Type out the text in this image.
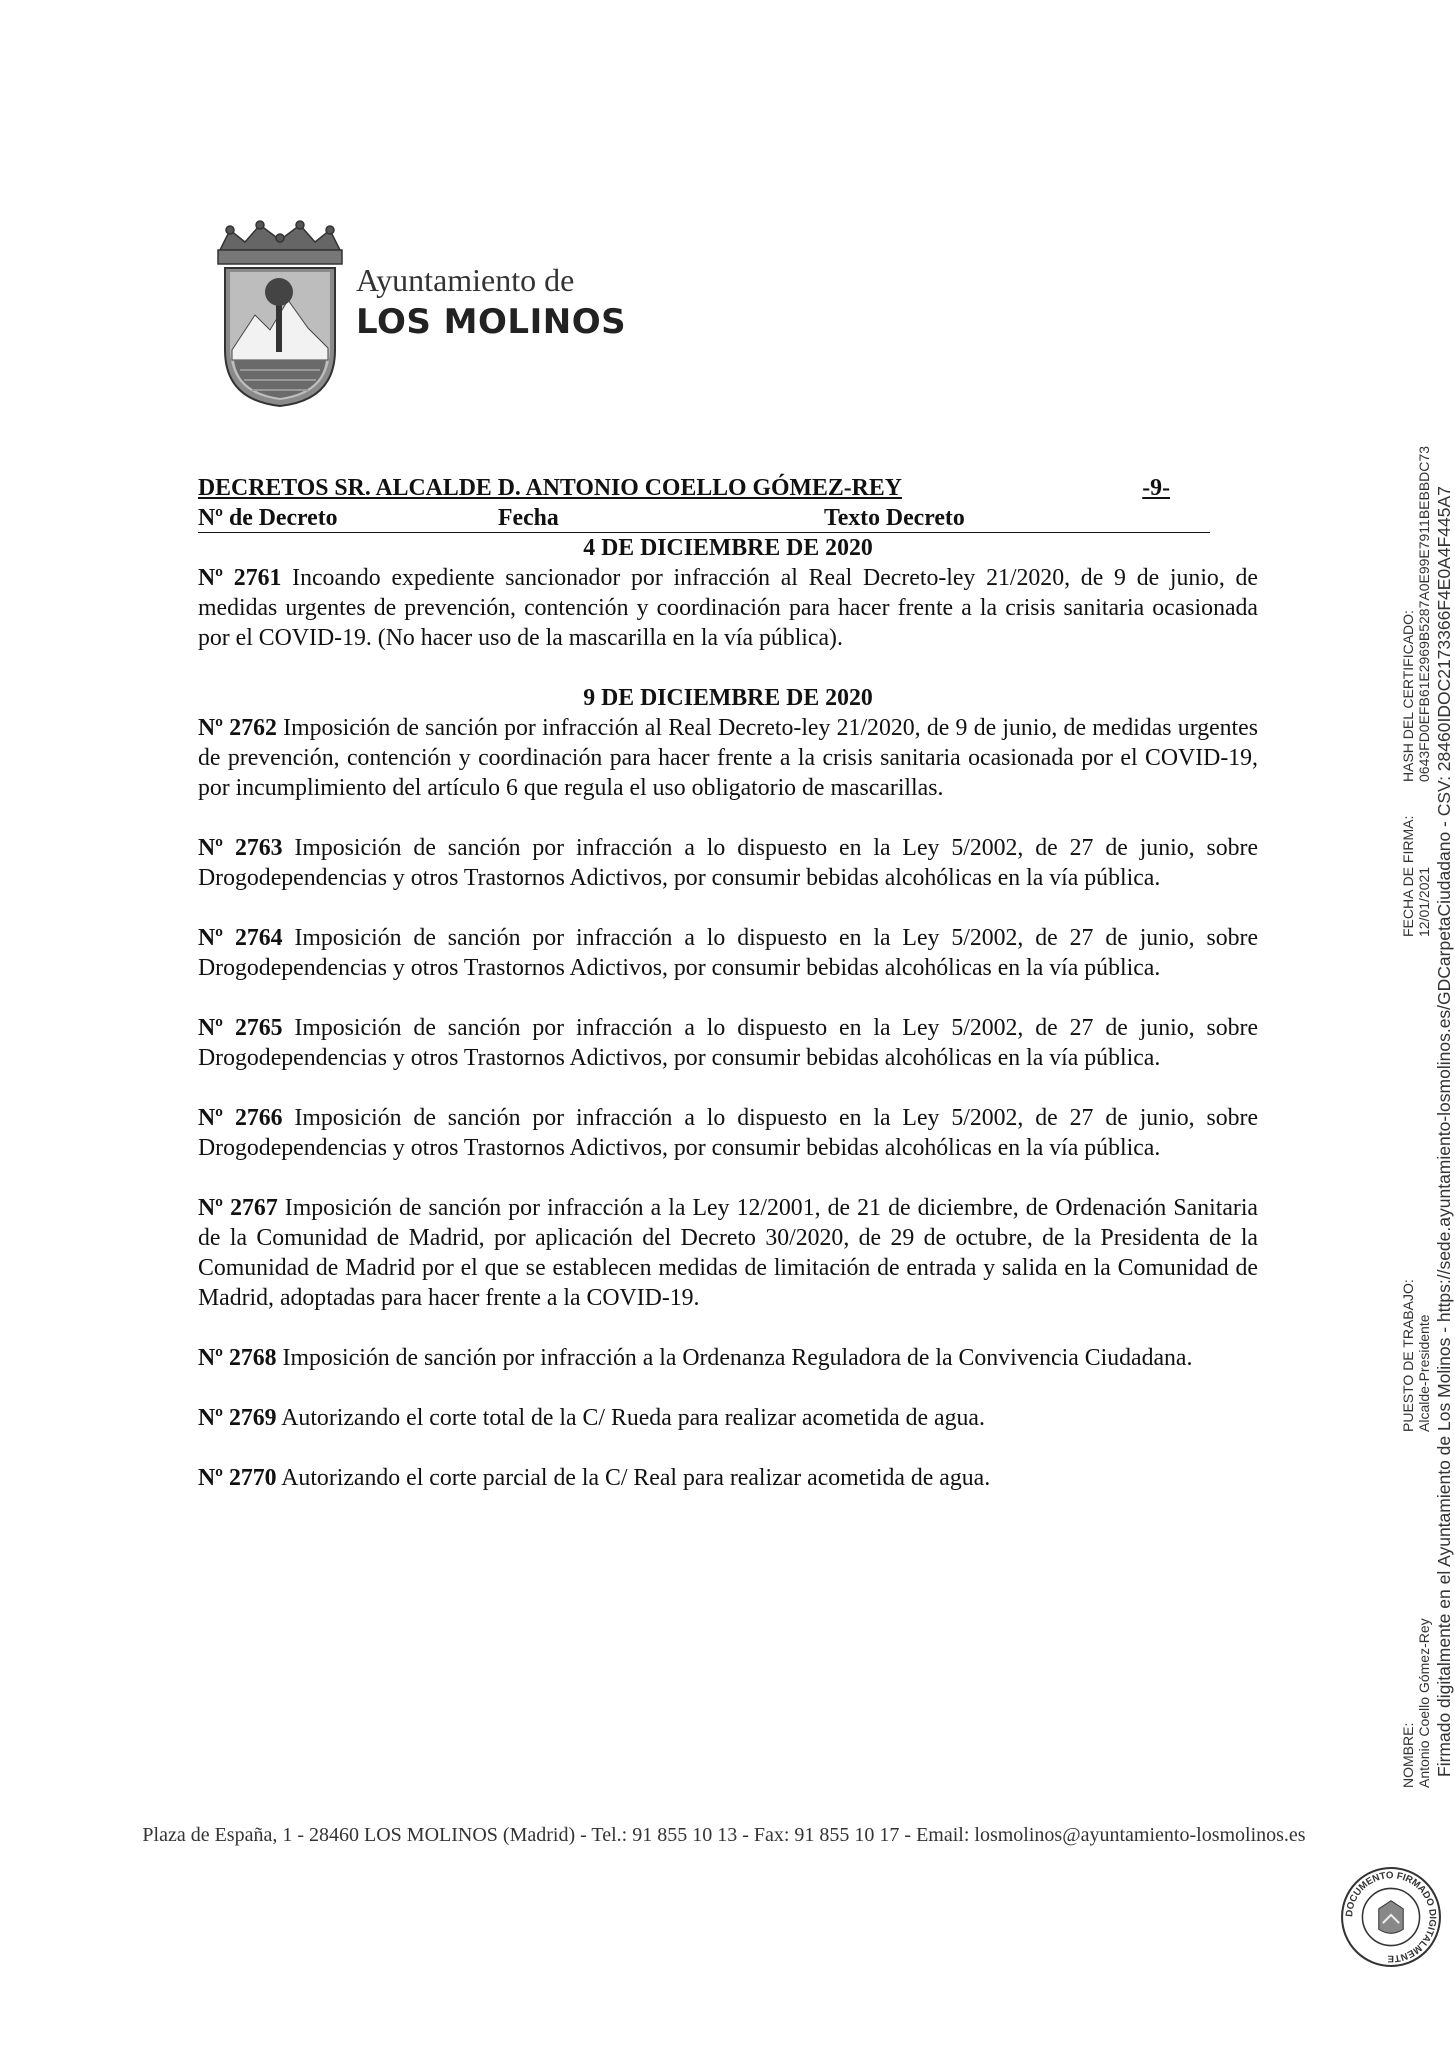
Ayuntamiento de
LOS MOLINOS
DECRETOS SR. ALCALDE D. ANTONIO COELLO GÓMEZ-REY	-9-
Nº de Decreto	Fecha	Texto Decreto
4 DE DICIEMBRE DE 2020

Nº 2761 Incoando expediente sancionador por infracción al Real Decreto-ley 21/2020, de 9 de junio, de medidas urgentes de prevención, contención y coordinación para hacer frente a la crisis sanitaria ocasionada por el COVID-19. (No hacer uso de la mascarilla en la vía pública).

9 DE DICIEMBRE DE 2020

Nº 2762 Imposición de sanción por infracción al Real Decreto-ley 21/2020, de 9 de junio, de medidas urgentes de prevención, contención y coordinación para hacer frente a la crisis sanitaria ocasionada por el COVID-19, por incumplimiento del artículo 6 que regula el uso obligatorio de mascarillas.

Nº 2763 Imposición de sanción por infracción a lo dispuesto en la Ley 5/2002, de 27 de junio, sobre Drogodependencias y otros Trastornos Adictivos, por consumir bebidas alcohólicas en la vía pública.

Nº 2764 Imposición de sanción por infracción a lo dispuesto en la Ley 5/2002, de 27 de junio, sobre Drogodependencias y otros Trastornos Adictivos, por consumir bebidas alcohólicas en la vía pública.

Nº 2765 Imposición de sanción por infracción a lo dispuesto en la Ley 5/2002, de 27 de junio, sobre Drogodependencias y otros Trastornos Adictivos, por consumir bebidas alcohólicas en la vía pública.

Nº 2766 Imposición de sanción por infracción a lo dispuesto en la Ley 5/2002, de 27 de junio, sobre Drogodependencias y otros Trastornos Adictivos, por consumir bebidas alcohólicas en la vía pública.

Nº 2767 Imposición de sanción por infracción a la Ley 12/2001, de 21 de diciembre, de Ordenación Sanitaria de la Comunidad de Madrid, por aplicación del Decreto 30/2020, de 29 de octubre, de la Presidenta de la Comunidad de Madrid por el que se establecen medidas de limitación de entrada y salida en la Comunidad de Madrid, adoptadas para hacer frente a la COVID-19.

Nº 2768 Imposición de sanción por infracción a la Ordenanza Reguladora de la Convivencia Ciudadana.

Nº 2769 Autorizando el corte total de la C/ Rueda para realizar acometida de agua.

Nº 2770 Autorizando el corte parcial de la C/ Real para realizar acometida de agua.

Plaza de España, 1 - 28460 LOS MOLINOS (Madrid) - Tel.: 91 855 10 13 - Fax: 91 855 10 17 - Email: losmolinos@ayuntamiento-losmolinos.es
NOMBRE: Antonio Coello Gómez-Rey
PUESTO DE TRABAJO: Alcalde-Presidente
FECHA DE FIRMA: 12/01/2021
HASH DEL CERTIFICADO: 0643FD0EFB61E2969B5287A0E99E7911BEBBDC73 Firmado digitalmente en el Ayuntamiento de Los Molinos - https://sede.ayuntamiento-losmolinos.es/GDCarpetaCiudadano - CSV: 28460IDOC2173366F4E0A4F445A7
DOCUMENTO FIRMADO DIGITALMENTE
